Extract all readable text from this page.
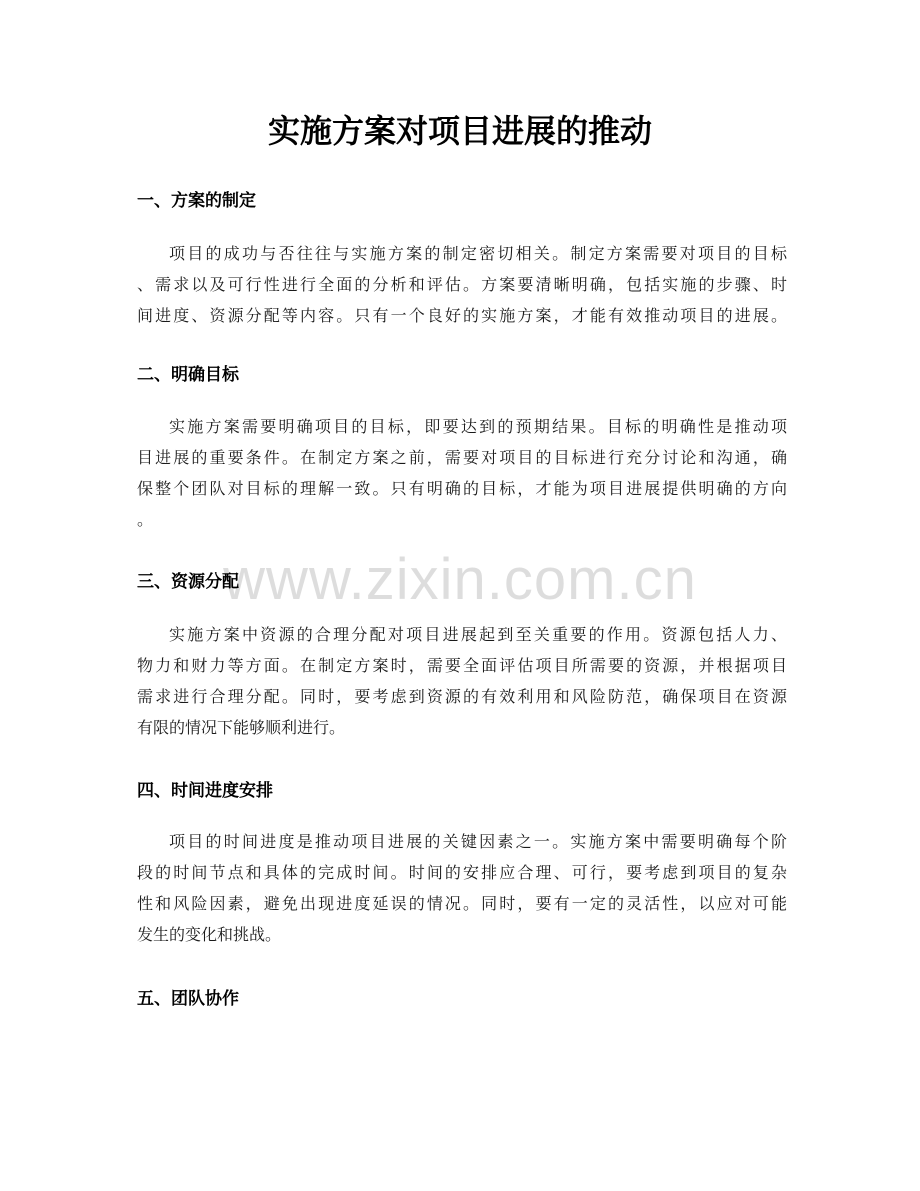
实施方案对项目进展的推动
一、方案的制定
项目的成功与否往往与实施方案的制定密切相关。制定方案需要对项目的目标
、需求以及可行性进行全面的分析和评估。方案要清晰明确，包括实施的步骤、时
间进度、资源分配等内容。只有一个良好的实施方案，才能有效推动项目的进展。
二、明确目标
实施方案需要明确项目的目标，即要达到的预期结果。目标的明确性是推动项
目进展的重要条件。在制定方案之前，需要对项目的目标进行充分讨论和沟通，确
保整个团队对目标的理解一致。只有明确的目标，才能为项目进展提供明确的方向
。
www.zixin.com.cn
三、资源分配
实施方案中资源的合理分配对项目进展起到至关重要的作用。资源包括人力、
物力和财力等方面。在制定方案时，需要全面评估项目所需要的资源，并根据项目
需求进行合理分配。同时，要考虑到资源的有效利用和风险防范，确保项目在资源
有限的情况下能够顺利进行。
四、时间进度安排
项目的时间进度是推动项目进展的关键因素之一。实施方案中需要明确每个阶
段的时间节点和具体的完成时间。时间的安排应合理、可行，要考虑到项目的复杂
性和风险因素，避免出现进度延误的情况。同时，要有一定的灵活性，以应对可能
发生的变化和挑战。
五、团队协作
